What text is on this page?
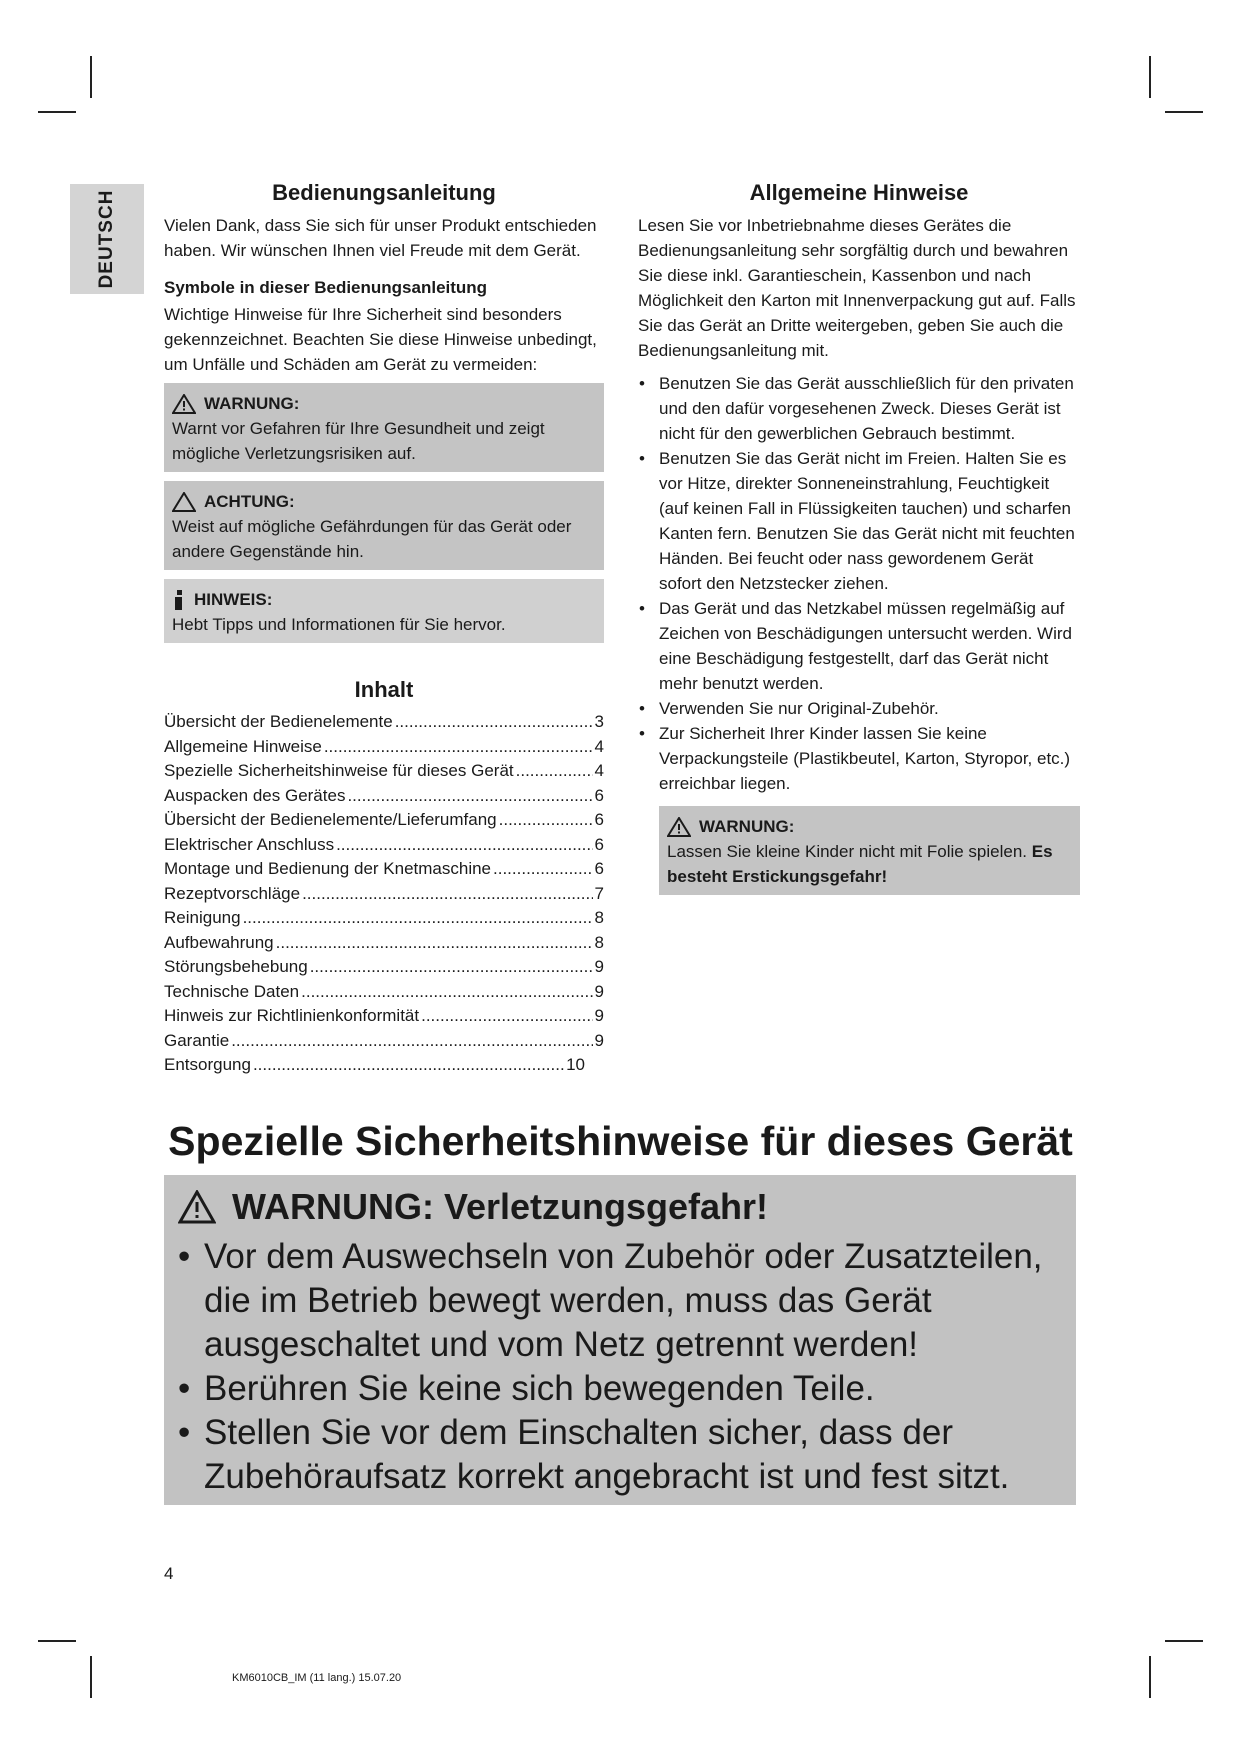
DEUTSCH	Bedienungsanleitung

Vielen Dank, dass Sie sich für unser Produkt entschieden haben. Wir wünschen Ihnen viel Freude mit dem Gerät.

Symbole in dieser Bedienungsanleitung

Wichtige Hinweise für Ihre Sicherheit sind besonders gekennzeichnet. Beachten Sie diese Hinweise unbedingt, um Unfälle und Schäden am Gerät zu vermeiden:

WARNUNG:

Warnt vor Gefahren für Ihre Gesundheit und zeigt mögliche Verletzungsrisiken auf.

ACHTUNG:

Weist auf mögliche Gefährdungen für das Gerät oder andere Gegenstände hin.

HINWEIS:

Hebt Tipps und Informationen für Sie hervor.

Inhalt
Übersicht der Bedienelemente .....	3
Allgemeine Hinweise .....	4
Spezielle Sicherheitshinweise für dieses Gerät .....	4
Auspacken des Gerätes .....	6
Übersicht der Bedienelemente/Lieferumfang .....	6
Elektrischer Anschluss .....	6
Montage und Bedienung der Knetmaschine .....	6
Rezeptvorschläge .....	7
Reinigung .....	8
Aufbewahrung .....	8
Störungsbehebung .....	9
Technische Daten .....	9
Hinweis zur Richtlinienkonformität .....	9
Garantie .....	9
Entsorgung .....	10
Allgemeine Hinweise

Lesen Sie vor Inbetriebnahme dieses Gerätes die Bedienungsanleitung sehr sorgfältig durch und bewahren Sie diese inkl. Garantieschein, Kassenbon und nach Möglichkeit den Karton mit Innenverpackung gut auf. Falls Sie das Gerät an Dritte weitergeben, geben Sie auch die Bedienungsanleitung mit.

• Benutzen Sie das Gerät ausschließlich für den privaten und den dafür vorgesehenen Zweck. Dieses Gerät ist nicht für den gewerblichen Gebrauch bestimmt.
• Benutzen Sie das Gerät nicht im Freien. Halten Sie es vor Hitze, direkter Sonneneinstrahlung, Feuchtigkeit (auf keinen Fall in Flüssigkeiten tauchen) und scharfen Kanten fern. Benutzen Sie das Gerät nicht mit feuchten Händen. Bei feucht oder nass gewordenem Gerät sofort den Netzstecker ziehen.
• Das Gerät und das Netzkabel müssen regelmäßig auf Zeichen von Beschädigungen untersucht werden. Wird eine Beschädigung festgestellt, darf das Gerät nicht mehr benutzt werden.
• Verwenden Sie nur Original-Zubehör.
• Zur Sicherheit Ihrer Kinder lassen Sie keine Verpackungsteile (Plastikbeutel, Karton, Styropor, etc.) erreichbar liegen.
WARNUNG:

Lassen Sie kleine Kinder nicht mit Folie spielen. Es besteht Erstickungsgefahr!

Spezielle Sicherheitshinweise für dieses Gerät
WARNUNG: Verletzungsgefahr!
• Vor dem Auswechseln von Zubehör oder Zusatzteilen, die im Betrieb bewegt werden, muss das Gerät ausgeschaltet und vom Netz getrennt werden!
• Berühren Sie keine sich bewegenden Teile.
• Stellen Sie vor dem Einschalten sicher, dass der Zubehöraufsatz korrekt angebracht ist und fest sitzt.
4
KM6010CB_IM (11 lang.) 15.07.20
